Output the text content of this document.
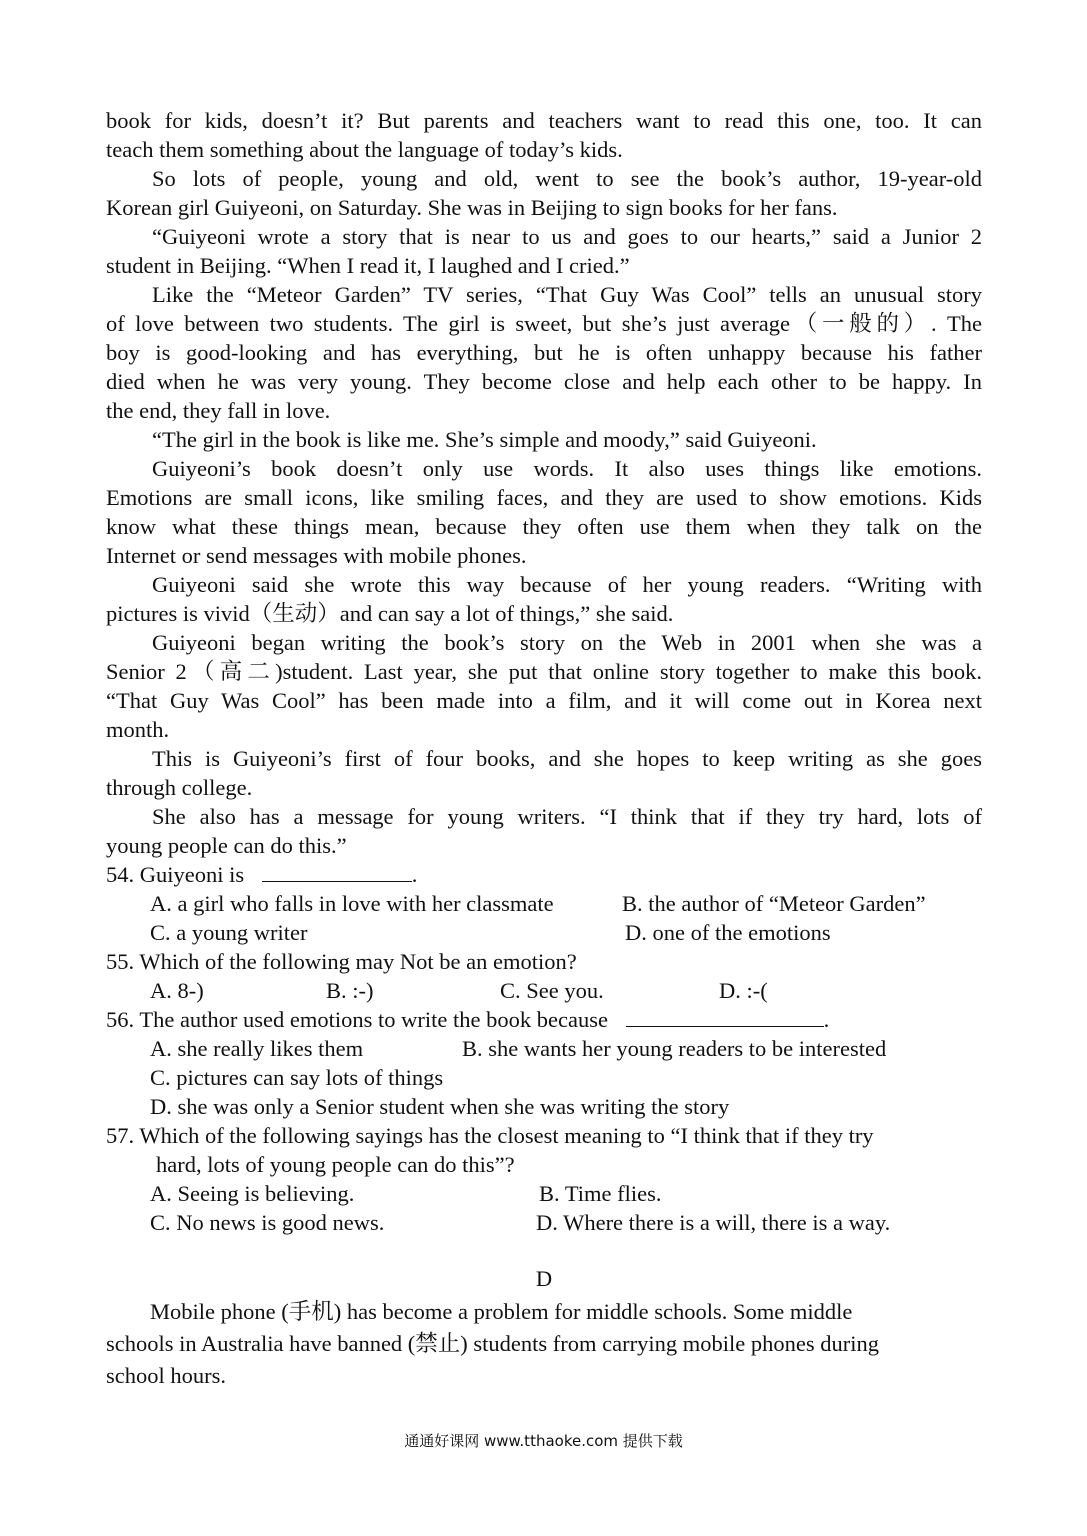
book for kids, doesn’t it? But parents and teachers want to read this one, too. It can
teach them something about the language of today’s kids.
So lots of people, young and old, went to see the book’s author, 19-year-old
Korean girl Guiyeoni, on Saturday. She was in Beijing to sign books for her fans.
“Guiyeoni wrote a story that is near to us and goes to our hearts,” said a Junior 2
student in Beijing. “When I read it, I laughed and I cried.”
Like the “Meteor Garden” TV series, “That Guy Was Cool” tells an unusual story
of love between two students. The girl is sweet, but she’s just average（一般的）. The
boy is good-looking and has everything, but he is often unhappy because his father
died when he was very young. They become close and help each other to be happy. In
the end, they fall in love.
“The girl in the book is like me. She’s simple and moody,” said Guiyeoni.
Guiyeoni’s book doesn’t only use words. It also uses things like emotions.
Emotions are small icons, like smiling faces, and they are used to show emotions. Kids
know what these things mean, because they often use them when they talk on the
Internet or send messages with mobile phones.
Guiyeoni said she wrote this way because of her young readers. “Writing with
pictures is vivid（生动）and can say a lot of things,” she said.
Guiyeoni began writing the book’s story on the Web in 2001 when she was a
Senior 2（高二)student. Last year, she put that online story together to make this book.
“That Guy Was Cool” has been made into a film, and it will come out in Korea next
month.
This is Guiyeoni’s first of four books, and she hopes to keep writing as she goes
through college.
She also has a message for young writers. “I think that if they try hard, lots of
young people can do this.”
54. Guiyeoni is	.
A. a girl who falls in love with her classmate	B. the author of “Meteor Garden”
C. a young writer	D. one of the emotions
55. Which of the following may Not be an emotion?
A. 8-)	B. :-)	C. See you.	D. :-(
56. The author used emotions to write the book because	.
A. she really likes them	B. she wants her young readers to be interested
C. pictures can say lots of things
D. she was only a Senior student when she was writing the story
57. Which of the following sayings has the closest meaning to “I think that if they try
hard, lots of young people can do this”?
A. Seeing is believing.	B. Time flies.
C. No news is good news.	D. Where there is a will, there is a way.
D
Mobile phone (手机) has become a problem for middle schools. Some middle
schools in Australia have banned (禁止) students from carrying mobile phones during
school hours.
通通好课网 www.tthaoke.com 提供下载
